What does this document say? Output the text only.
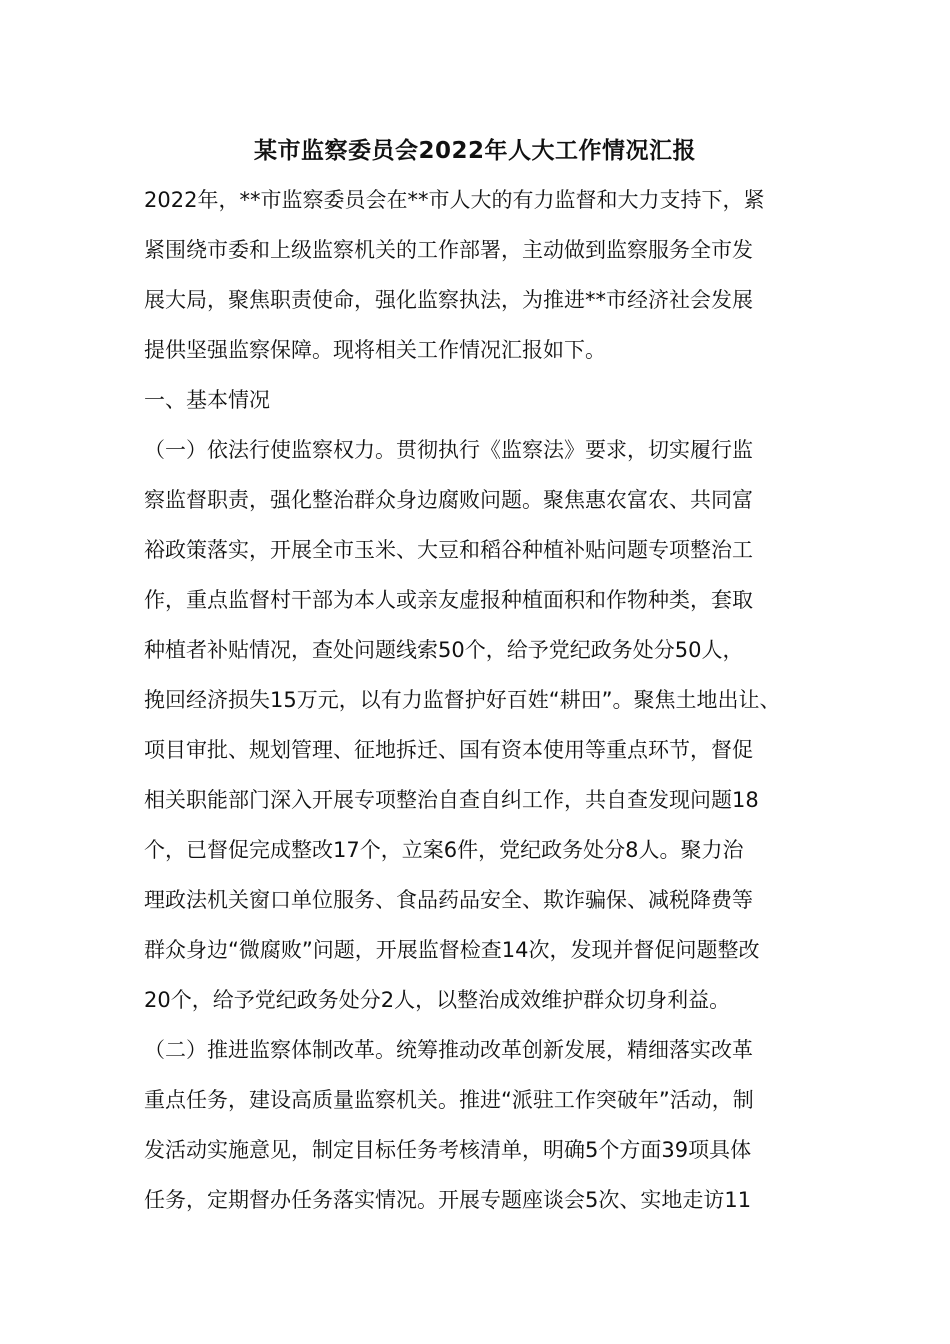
某市监察委员会2022年人大工作情况汇报

2022年，**市监察委员会在**市人大的有力监督和大力支持下，紧

紧围绕市委和上级监察机关的工作部署，主动做到监察服务全市发

展大局，聚焦职责使命，强化监察执法，为推进**市经济社会发展

提供坚强监察保障。现将相关工作情况汇报如下。

一、基本情况

（一）依法行使监察权力。贯彻执行《监察法》要求，切实履行监

察监督职责，强化整治群众身边腐败问题。聚焦惠农富农、共同富

裕政策落实，开展全市玉米、大豆和稻谷种植补贴问题专项整治工

作，重点监督村干部为本人或亲友虚报种植面积和作物种类，套取

种植者补贴情况，查处问题线索50个，给予党纪政务处分50人，

挽回经济损失15万元，以有力监督护好百姓“耕田”。聚焦土地出让、

项目审批、规划管理、征地拆迁、国有资本使用等重点环节，督促

相关职能部门深入开展专项整治自查自纠工作，共自查发现问题18

个，已督促完成整改17个，立案6件，党纪政务处分8人。聚力治

理政法机关窗口单位服务、食品药品安全、欺诈骗保、减税降费等

群众身边“微腐败”问题，开展监督检查14次，发现并督促问题整改

20个，给予党纪政务处分2人，以整治成效维护群众切身利益。

（二）推进监察体制改革。统筹推动改革创新发展，精细落实改革

重点任务，建设高质量监察机关。推进“派驻工作突破年”活动，制

发活动实施意见，制定目标任务考核清单，明确5个方面39项具体

任务，定期督办任务落实情况。开展专题座谈会5次、实地走访11
